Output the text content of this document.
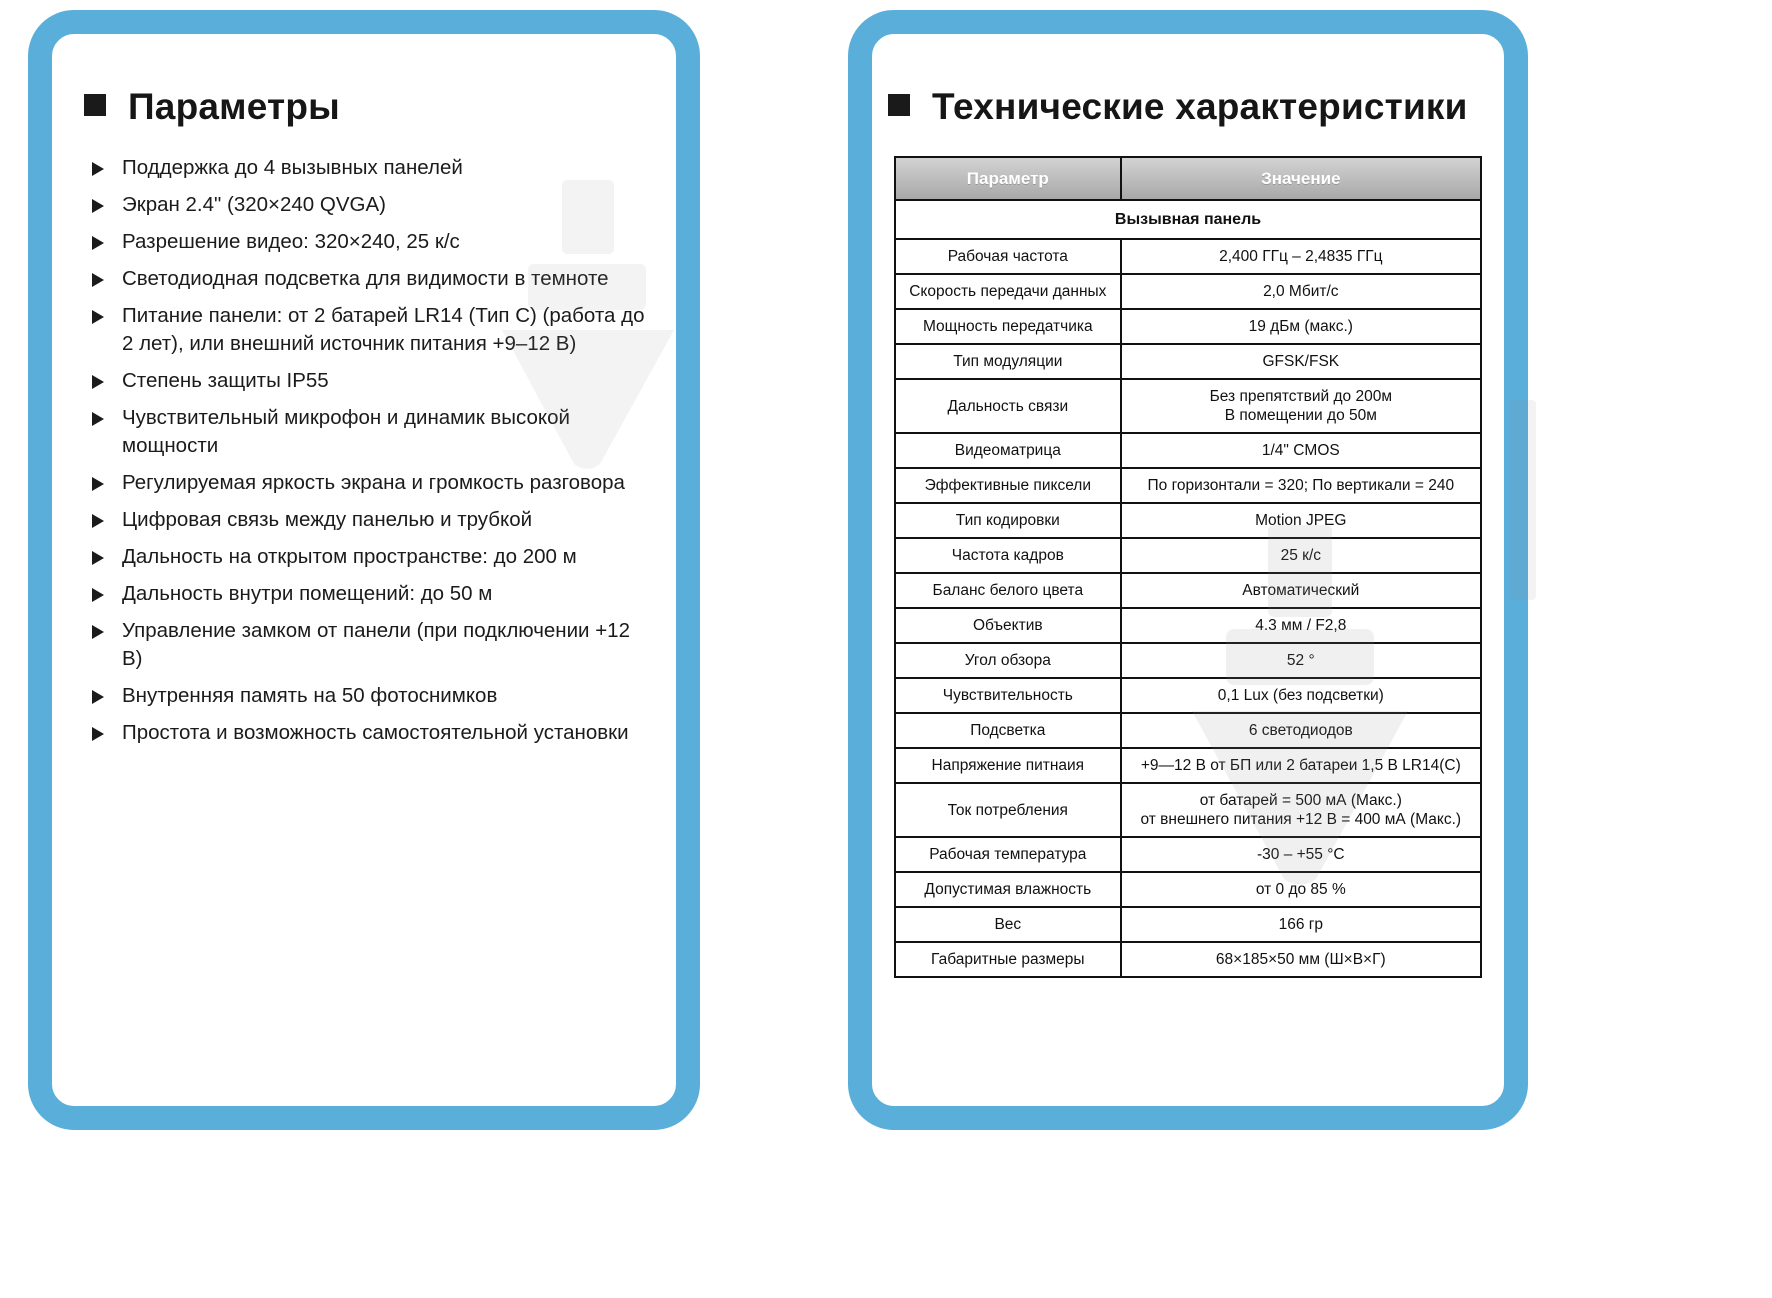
Параметры
Поддержка до 4 вызывных панелей
Экран 2.4" (320×240 QVGA)
Разрешение видео: 320×240, 25 к/с
Светодиодная подсветка для видимости в темноте
Питание панели: от 2 батарей LR14 (Тип C) (работа до 2 лет), или внешний источник питания +9–12 В)
Степень защиты IP55
Чувствительный микрофон и динамик высокой мощности
Регулируемая яркость экрана и громкость разговора
Цифровая связь между панелью и трубкой
Дальность на открытом пространстве: до 200 м
Дальность внутри помещений: до 50 м
Управление замком от панели (при подключении +12 В)
Внутренняя память на 50 фотоснимков
Простота и возможность самостоятельной установки
Технические характеристики
Параметр	Значение
Вызывная панель	
Рабочая частота	2,400 ГГц – 2,4835 ГГц
Скорость передачи данных	2,0 Мбит/с
Мощность передатчика	19 дБм (макс.)
Тип модуляции	GFSK/FSK
Дальность связи	Без препятствий до 200м
В помещении до 50м

Видеоматрица	1/4" CMOS
Эффективные пиксели	По горизонтали = 320; По вертикали = 240
Тип кодировки	Motion JPEG
Частота кадров	25 к/с
Баланс белого цвета	Автоматический
Объектив	4.3 мм / F2,8
Угол обзора	52 °
Чувствительность	0,1 Lux (без подсветки)
Подсветка	6 светодиодов
Напряжение питнаия	+9—12 В от БП или 2 батареи 1,5 В LR14(C)
Ток потребления	от батарей = 500 мА (Макс.)
от внешнего питания +12 В = 400 мА (Макс.)

Рабочая температура	-30 – +55 °С
Допустимая влажность	от 0 до 85 %
Вес	166 гр
Габаритные размеры	68×185×50 мм (Ш×В×Г)
